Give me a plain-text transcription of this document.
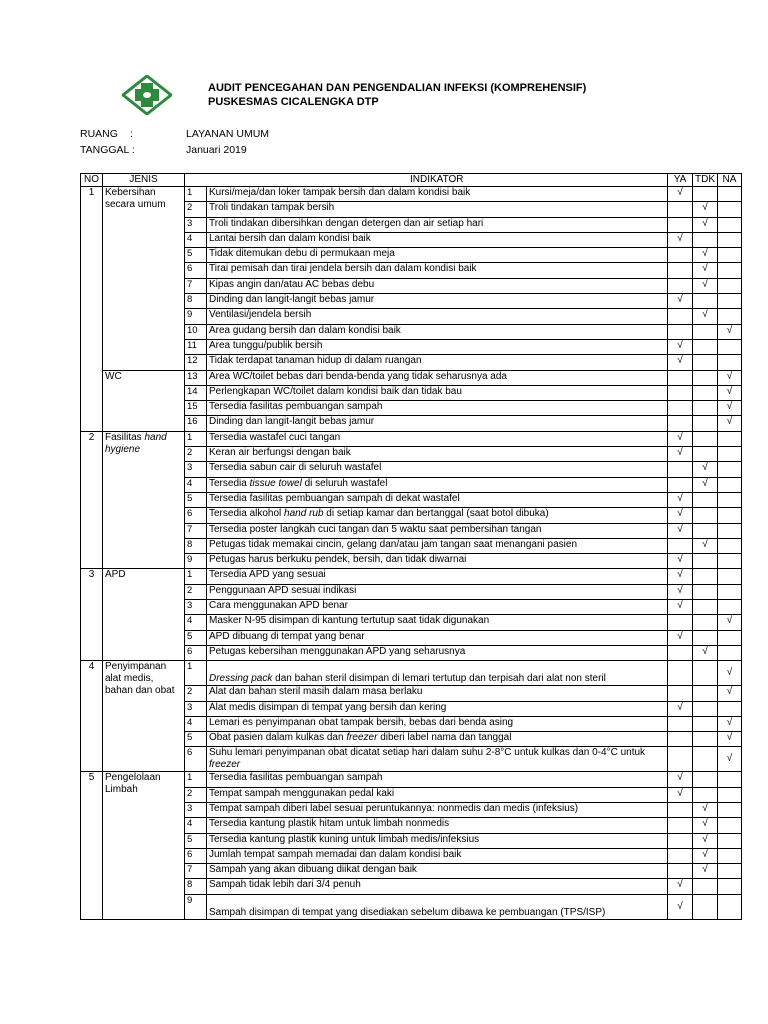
AUDIT PENCEGAHAN DAN PENGENDALIAN INFEKSI (KOMPREHENSIF)
PUSKESMAS CICALENGKA DTP
RUANG :	LAYANAN UMUM
TANGGAL :	Januari 2019
NO	JENIS		INDIKATOR	YA	TDK	NA
1	Kebersihan secara umum	1	Kursi/meja/dan loker tampak bersih dan dalam kondisi baik	√		
		2	Troli tindakan tampak bersih		√	
		3	Troli tindakan dibersihkan dengan detergen dan air setiap hari		√	
		4	Lantai bersih dan dalam kondisi baik	√		
		5	Tidak ditemukan debu di permukaan meja		√	
		6	Tirai pemisah dan tirai jendela bersih dan dalam kondisi baik		√	
		7	Kipas angin dan/atau AC bebas debu		√	
		8	Dinding dan langit-langit bebas jamur	√		
		9	Ventilasi/jendela bersih		√	
		10	Area gudang bersih dan dalam kondisi baik			√
		11	Area tunggu/publik bersih	√		
		12	Tidak terdapat tanaman hidup di dalam ruangan	√		
	WC	13	Area WC/toilet bebas dari benda-benda yang tidak seharusnya ada			√
		14	Perlengkapan WC/toilet dalam kondisi baik dan tidak bau			√
		15	Tersedia fasilitas pembuangan sampah			√
		16	Dinding dan langit-langit bebas jamur			√
2	Fasilitas hand hygiene	1	Tersedia wastafel cuci tangan	√		
		2	Keran air berfungsi dengan baik	√		
		3	Tersedia sabun cair di seluruh wastafel		√	
		4	Tersedia tissue towel di seluruh wastafel		√	
		5	Tersedia fasilitas pembuangan sampah di dekat wastafel	√		
		6	Tersedia alkohol hand rub di setiap kamar dan bertanggal (saat botol dibuka)	√		
		7	Tersedia poster langkah cuci tangan dan 5 waktu saat pembersihan tangan	√		
		8	Petugas tidak memakai cincin, gelang dan/atau jam tangan saat menangani pasien		√	
		9	Petugas harus berkuku pendek, bersih, dan tidak diwarnai	√		
3	APD	1	Tersedia APD yang sesuai	√		
		2	Penggunaan APD sesuai indikasi	√		
		3	Cara menggunakan APD benar	√		
		4	Masker N-95 disimpan di kantung tertutup saat tidak digunakan			√
		5	APD dibuang di tempat yang benar	√		
		6	Petugas kebersihan menggunakan APD yang seharusnya		√	
4	Penyimpanan alat medis, bahan dan obat	1	Dressing pack dan bahan steril disimpan di lemari tertutup dan terpisah dari alat non steril			√
		2	Alat dan bahan steril masih dalam masa berlaku			√
		3	Alat medis disimpan di tempat yang bersih dan kering	√		
		4	Lemari es penyimpanan obat tampak bersih, bebas dari benda asing			√
		5	Obat pasien dalam kulkas dan freezer diberi label nama dan tanggal			√
		6	Suhu lemari penyimpanan obat dicatat setiap hari dalam suhu 2-8°C untuk kulkas dan 0-4°C untuk freezer			√
5	Pengelolaan Limbah	1	Tersedia fasilitas pembuangan sampah	√		
		2	Tempat sampah menggunakan pedal kaki	√		
		3	Tempat sampah diberi label sesuai peruntukannya: nonmedis dan medis (infeksius)		√	
		4	Tersedia kantung plastik hitam untuk limbah nonmedis		√	
		5	Tersedia kantung plastik kuning untuk limbah medis/infeksius		√	
		6	Jumlah tempat sampah memadai dan dalam kondisi baik		√	
		7	Sampah yang akan dibuang diikat dengan baik		√	
		8	Sampah tidak lebih dari 3/4 penuh	√		
		9	Sampah disimpan di tempat yang disediakan sebelum dibawa ke pembuangan (TPS/ISP)	√		
